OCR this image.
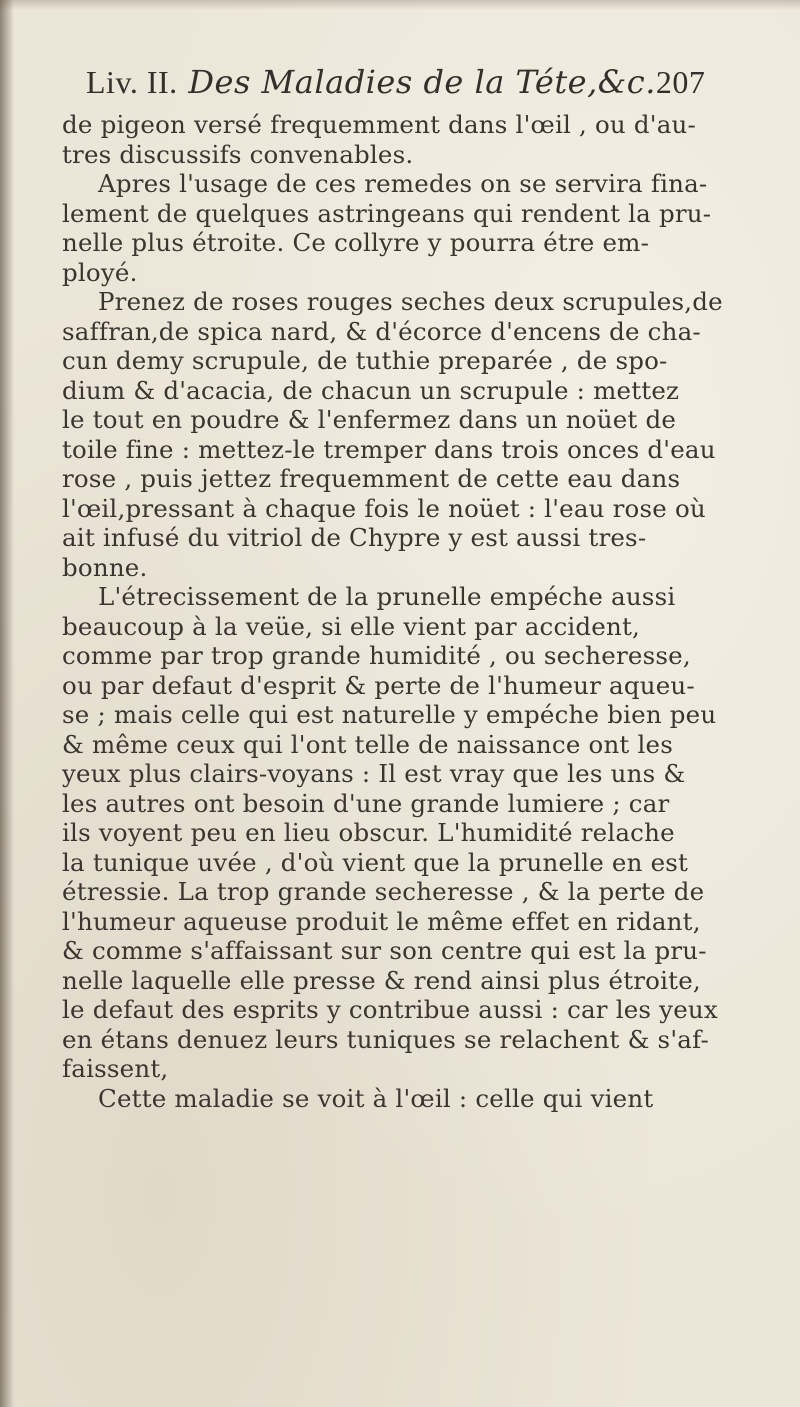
Liv. II. Des Maladies de la Téte,&c.207
de pigeon versé frequemment dans l'œil , ou d'au-
tres discussifs convenables.
Apres l'usage de ces remedes on se servira fina-
lement de quelques astringeans qui rendent la pru-
nelle plus étroite. Ce collyre y pourra étre em-
ployé.
Prenez de roses rouges seches deux scrupules,de
saffran,de spica nard, & d'écorce d'encens de cha-
cun demy scrupule, de tuthie preparée , de spo-
dium & d'acacia, de chacun un scrupule : mettez
le tout en poudre & l'enfermez dans un noüet de
toile fine : mettez-le tremper dans trois onces d'eau
rose , puis jettez frequemment de cette eau dans
l'œil,pressant à chaque fois le noüet : l'eau rose où
ait infusé du vitriol de Chypre y est aussi tres-
bonne.
L'étrecissement de la prunelle empéche aussi
beaucoup à la veüe, si elle vient par accident,
comme par trop grande humidité , ou secheresse,
ou par defaut d'esprit & perte de l'humeur aqueu-
se ; mais celle qui est naturelle y empéche bien peu
& même ceux qui l'ont telle de naissance ont les
yeux plus clairs-voyans : Il est vray que les uns &
les autres ont besoin d'une grande lumiere ; car
ils voyent peu en lieu obscur. L'humidité relache
la tunique uvée , d'où vient que la prunelle en est
étressie. La trop grande secheresse , & la perte de
l'humeur aqueuse produit le même effet en ridant,
& comme s'affaissant sur son centre qui est la pru-
nelle laquelle elle presse & rend ainsi plus étroite,
le defaut des esprits y contribue aussi : car les yeux
en étans denuez leurs tuniques se relachent & s'af-
faissent,
Cette maladie se voit à l'œil : celle qui vient
